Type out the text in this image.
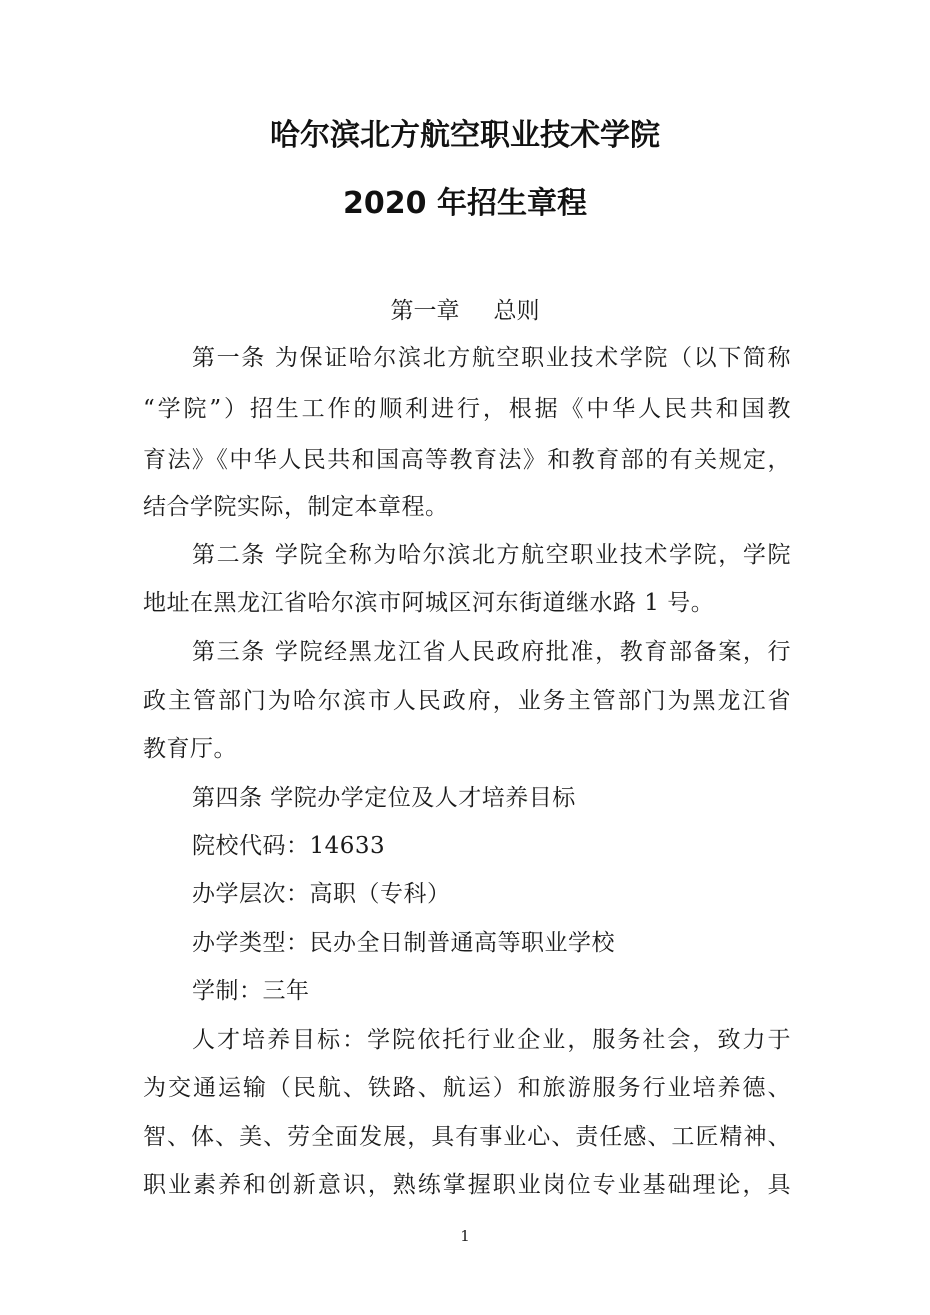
哈尔滨北方航空职业技术学院
2020 年招生章程
第一章 总则
第一条 为保证哈尔滨北方航空职业技术学院（以下简称
“学院”）招生工作的顺利进行，根据《中华人民共和国教
育法》《中华人民共和国高等教育法》和教育部的有关规定，
结合学院实际，制定本章程。
第二条 学院全称为哈尔滨北方航空职业技术学院，学院
地址在黑龙江省哈尔滨市阿城区河东街道继水路 1 号。
第三条 学院经黑龙江省人民政府批准，教育部备案，行
政主管部门为哈尔滨市人民政府，业务主管部门为黑龙江省
教育厅。
第四条 学院办学定位及人才培养目标
院校代码：14633
办学层次：高职（专科）
办学类型：民办全日制普通高等职业学校
学制：三年
人才培养目标：学院依托行业企业，服务社会，致力于
为交通运输（民航、铁路、航运）和旅游服务行业培养德、
智、体、美、劳全面发展，具有事业心、责任感、工匠精神、
职业素养和创新意识，熟练掌握职业岗位专业基础理论，具
1
